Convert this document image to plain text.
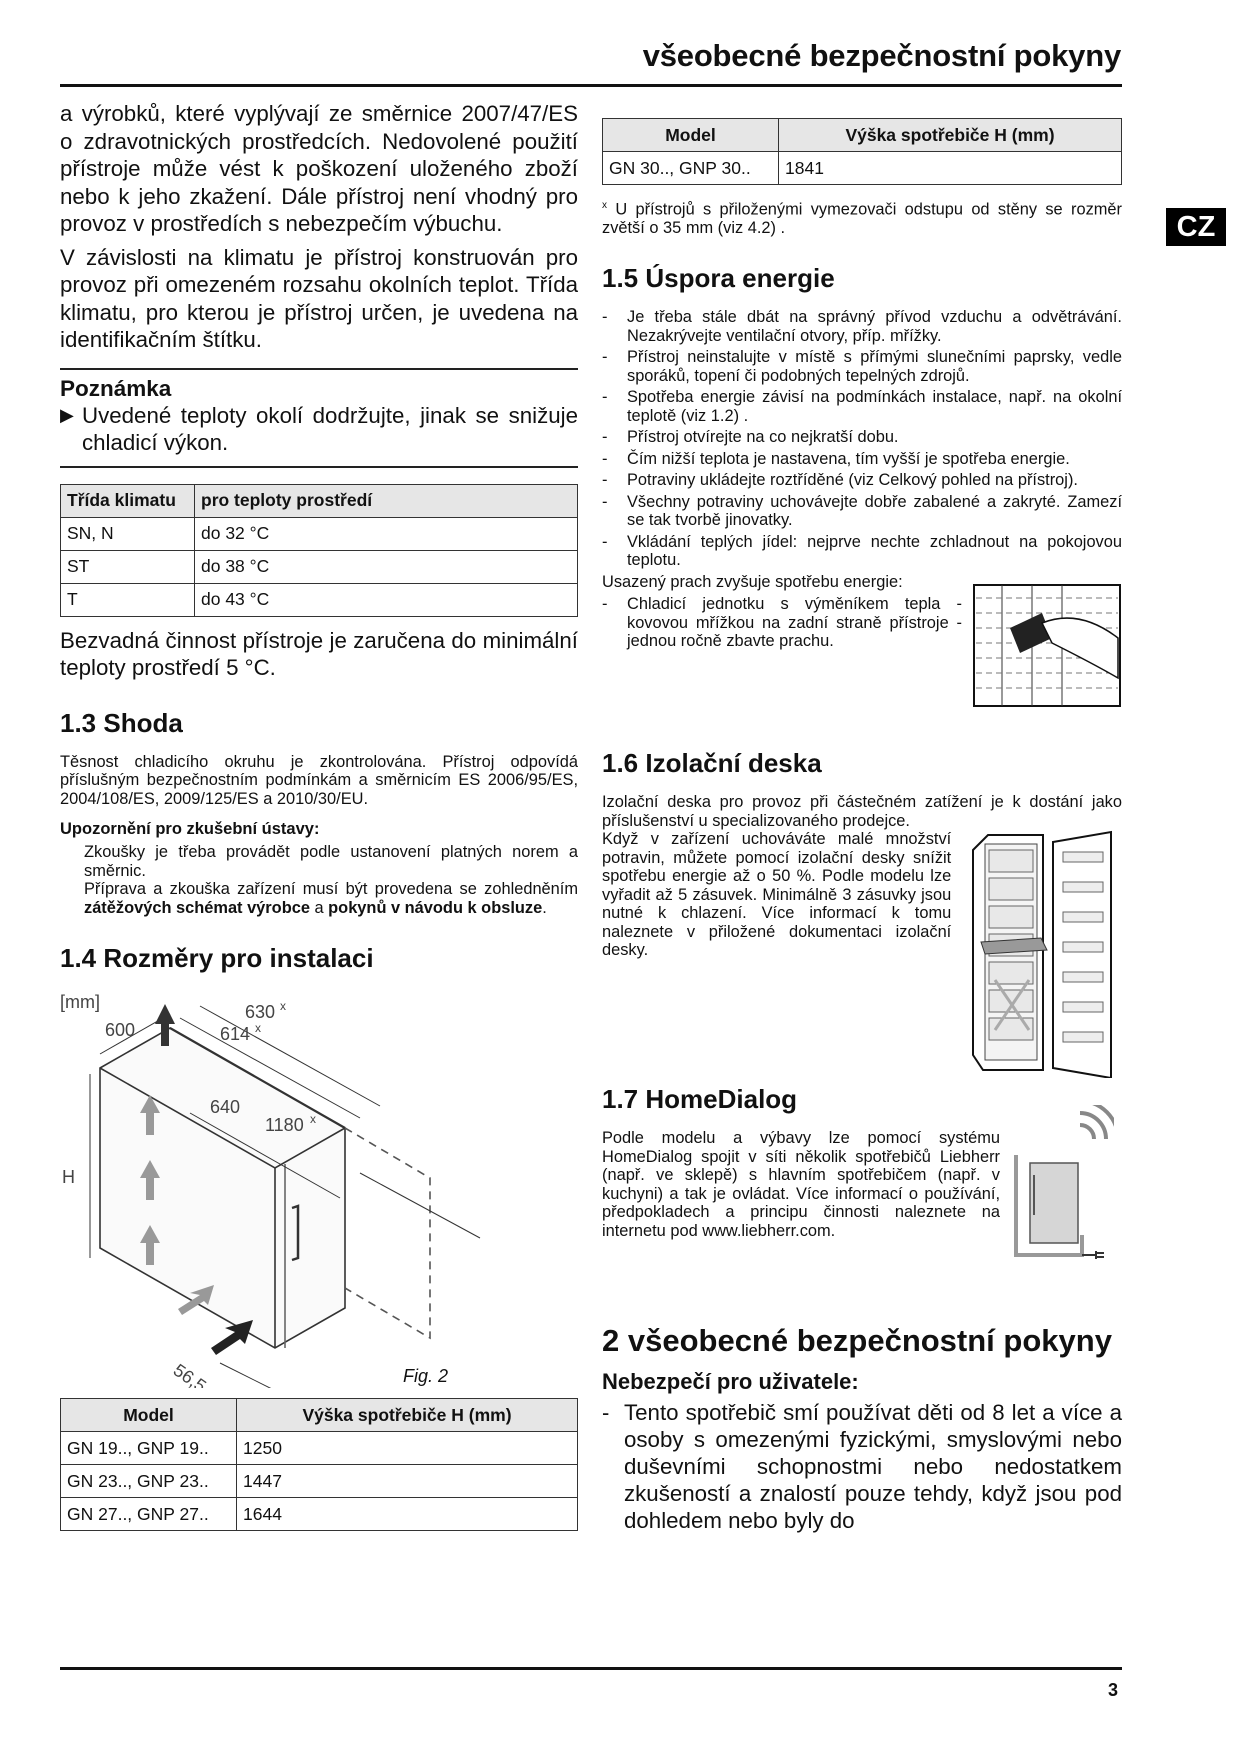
všeobecné bezpečnostní pokyny
CZ

a výrobků, které vyplývají ze směrnice 2007/47/ES o zdravotnických prostředcích. Nedovolené použití přístroje může vést k poškození uloženého zboží nebo k jeho zkažení. Dále přístroj není vhodný pro provoz v prostředích s nebezpečím výbuchu.

V závislosti na klimatu je přístroj konstruován pro provoz při omezeném rozsahu okolních teplot. Třída klimatu, pro kterou je přístroj určen, je uvedena na identifikačním štítku.

Poznámka
▶ Uvedené teploty okolí dodržujte, jinak se snižuje chladicí výkon.
Třída klimatu	pro teploty prostředí
SN, N	do 32 °C
ST	do 38 °C
T	do 43 °C

Bezvadná činnost přístroje je zaručena do minimální teploty prostředí 5 °C.

1.3 Shoda

Těsnost chladicího okruhu je zkontrolována. Přístroj odpovídá příslušným bezpečnostním podmínkám a směrnicím ES 2006/95/ES, 2004/108/ES, 2009/125/ES a 2010/30/EU.

Upozornění pro zkušební ústavy:

Zkoušky je třeba provádět podle ustanovení platných norem a směrnic.

Příprava a zkouška zařízení musí být provedena se zohledněním zátěžových schémat výrobce a pokynů v návodu k obsluze.

1.4 Rozměry pro instalaci
[mm]
600
630
614
640
1180
H
56,5
x
x
x
Fig. 2
Model	Výška spotřebiče H (mm)
GN 19.., GNP 19..	1250
GN 23.., GNP 23..	1447
GN 27.., GNP 27..	1644
Model	Výška spotřebiče H (mm)
GN 30.., GNP 30..	1841

$^x$ U přístrojů s přiloženými vymezovači odstupu od stěny se rozměr zvětší o 35 mm (viz 4.2) .

1.5 Úspora energie
-	Je třeba stále dbát na správný přívod vzduchu a odvětrávání. Nezakrývejte ventilační otvory, příp. mřížky.
-	Přístroj neinstalujte v místě s přímými slunečními paprsky, vedle sporáků, topení či podobných tepelných zdrojů.
-	Spotřeba energie závisí na podmínkách instalace, např. na okolní teplotě (viz 1.2) .
-	Přístroj otvírejte na co nejkratší dobu.
-	Čím nižší teplota je nastavena, tím vyšší je spotřeba energie.
-	Potraviny ukládejte roztříděné (viz Celkový pohled na přístroj).
-	Všechny potraviny uchovávejte dobře zabalené a zakryté. Zamezí se tak tvorbě jinovatky.
-	Vkládání teplých jídel: nejprve nechte zchladnout na pokojovou teplotu.
Usazený prach zvyšuje spotřebu energie:
-	Chladicí jednotku s výměníkem tepla - kovovou mřížkou na zadní straně přístroje - jednou ročně zbavte prachu.
1.6 Izolační deska

Izolační deska pro provoz při částečném zatížení je k dostání jako příslušenství u specializovaného prodejce.

Když v zařízení uchováváte malé množství potravin, můžete pomocí izolační desky snížit spotřebu energie až o 50 %. Podle modelu lze vyřadit až 5 zásuvek. Minimálně 3 zásuvky jsou nutné k chlazení. Více informací k tomu naleznete v přiložené dokumentaci izolační desky.

1.7 HomeDialog

Podle modelu a výbavy lze pomocí systému HomeDialog spojit v síti několik spotřebičů Liebherr (např. ve sklepě) s hlavním spotřebičem (např. v kuchyni) a tak je ovládat. Více informací o používání, předpokladech a principu činnosti naleznete na internetu pod www.liebherr.com.

2 všeobecné bezpečnostní pokyny
Nebezpečí pro uživatele:
- Tento spotřebič smí používat děti od 8 let a více a osoby s omezenými fyzickými, smyslovými nebo duševními schopnostmi nebo nedostatkem zkušeností a znalostí pouze tehdy, když jsou pod dohledem nebo byly do
3
